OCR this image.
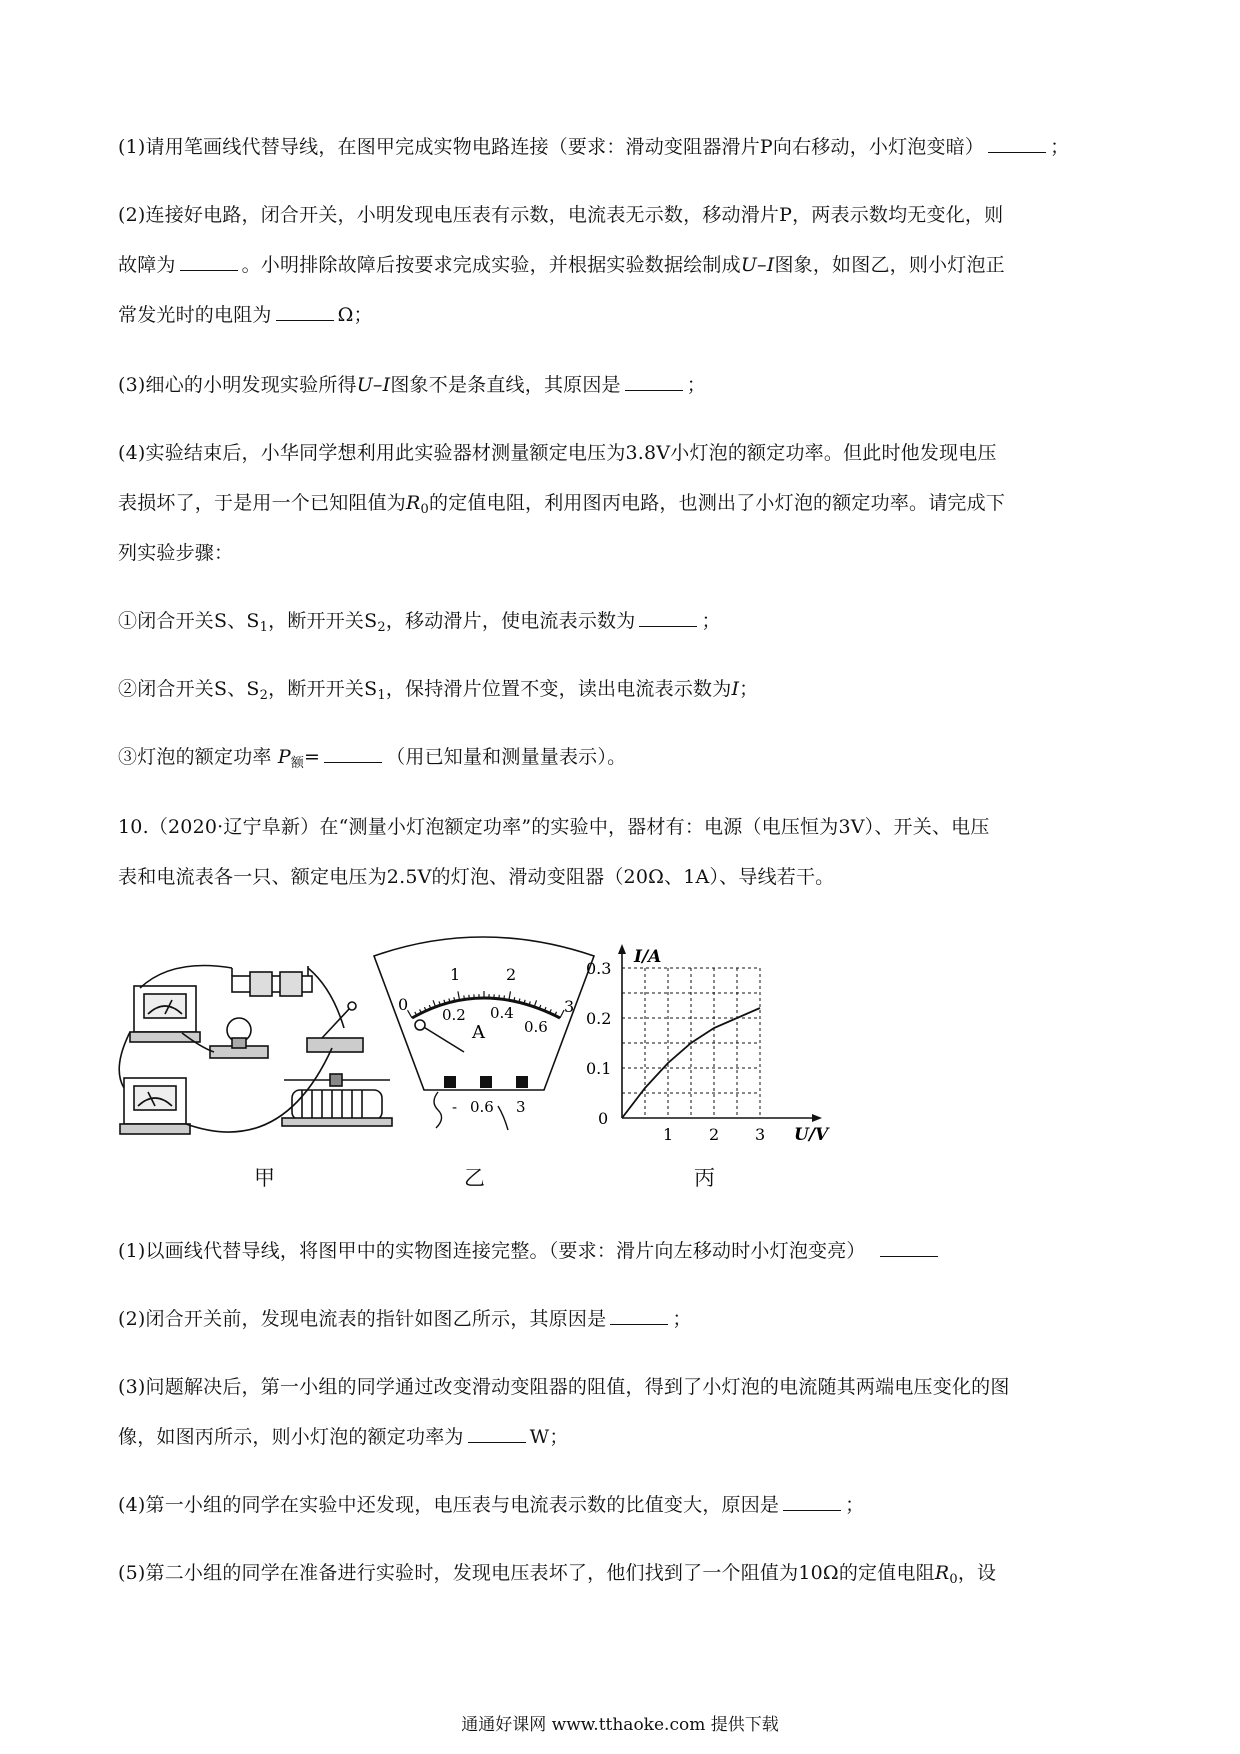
(1)请用笔画线代替导线，在图甲完成实物电路连接（要求：滑动变阻器滑片P向右移动，小灯泡变暗）	；
(2)连接好电路，闭合开关，小明发现电压表有示数，电流表无示数，移动滑片P，两表示数均无变化，则
故障为	。小明排除故障后按要求完成实验，并根据实验数据绘制成U–I图象，如图乙，则小灯泡正
常发光时的电阻为	Ω；
(3)细心的小明发现实验所得U–I图象不是条直线，其原因是	；
(4)实验结束后，小华同学想利用此实验器材测量额定电压为3.8V小灯泡的额定功率。但此时他发现电压
表损坏了，于是用一个已知阻值为$R_0$的定值电阻，利用图丙电路，也测出了小灯泡的额定功率。请完成下
列实验步骤：
①闭合开关S、$S_1$，断开开关$S_2$，移动滑片，使电流表示数为	；
②闭合开关S、$S_2$，断开开关$S_1$，保持滑片位置不变，读出电流表示数为I；
③灯泡的额定功率 $P_额=$	（用已知量和测量量表示）。
10.（2020·辽宁阜新）在“测量小灯泡额定功率”的实验中，器材有：电源（电压恒为3V）、开关、电压
表和电流表各一只、额定电压为2.5V的灯泡、滑动变阻器（20Ω、1A）、导线若干。
0
1	2
3
0.2 0.4
0.6
A
- 0.6 3
I/A
U/V
0
1 2 3
0.1
0.2
0.3
甲	乙	丙
(1)以画线代替导线，将图甲中的实物图连接完整。（要求：滑片向左移动时小灯泡变亮）
(2)闭合开关前，发现电流表的指针如图乙所示，其原因是	；
(3)问题解决后，第一小组的同学通过改变滑动变阻器的阻值，得到了小灯泡的电流随其两端电压变化的图
像，如图丙所示，则小灯泡的额定功率为	W；
(4)第一小组的同学在实验中还发现，电压表与电流表示数的比值变大，原因是	；
(5)第二小组的同学在准备进行实验时，发现电压表坏了，他们找到了一个阻值为10Ω的定值电阻$R_0$，设
通通好课网 www.tthaoke.com 提供下载
